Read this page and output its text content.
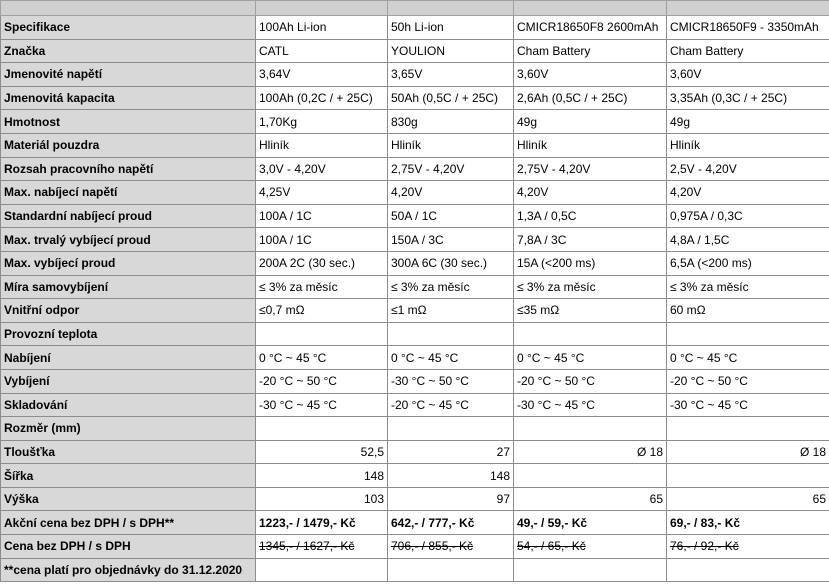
Specifikace	100Ah Li-ion	50h Li-ion	CMICR18650F8 2600mAh	CMICR18650F9 - 3350mAh
Značka	CATL	YOULION	Cham Battery	Cham Battery
Jmenovité napětí	3,64V	3,65V	3,60V	3,60V
Jmenovitá kapacita	100Ah (0,2C / + 25C)	50Ah (0,5C / + 25C)	2,6Ah (0,5C / + 25C)	3,35Ah (0,3C / + 25C)
Hmotnost	1,70Kg	830g	49g	49g
Materiál pouzdra	Hliník	Hliník	Hliník	Hliník
Rozsah pracovního napětí	3,0V - 4,20V	2,75V - 4,20V	2,75V - 4,20V	2,5V - 4,20V
Max. nabíjecí napětí	4,25V	4,20V	4,20V	4,20V
Standardní nabíjecí proud	100A / 1C	50A / 1C	1,3A / 0,5C	0,975A / 0,3C
Max. trvalý vybíjecí proud	100A / 1C	150A / 3C	7,8A / 3C	4,8A / 1,5C
Max. vybíjecí proud	200A 2C (30 sec.)	300A 6C (30 sec.)	15A (<200 ms)	6,5A (<200 ms)
Míra samovybíjení	≤ 3% za měsíc	≤ 3% za měsíc	≤ 3% za měsíc	≤ 3% za měsíc
Vnitřní odpor	≤0,7 mΩ	≤1 mΩ	≤35 mΩ	60 mΩ
Provozní teplota				
Nabíjení	0 °C ~ 45 °C	0 °C ~ 45 °C	0 °C ~ 45 °C	0 °C ~ 45 °C
Vybíjení	-20 °C ~ 50 °C	-30 °C ~ 50 °C	-20 °C ~ 50 °C	-20 °C ~ 50 °C
Skladování	-30 °C ~ 45 °C	-20 °C ~ 45 °C	-30 °C ~ 45 °C	-30 °C ~ 45 °C
Rozměr (mm)				
Tloušťka	52,5	27	Ø 18	Ø 18
Šířka	148	148		
Výška	103	97	65	65
Akční cena bez DPH / s DPH**	1223,- / 1479,- Kč	642,- / 777,- Kč	49,- / 59,- Kč	69,- / 83,- Kč
Cena bez DPH / s DPH	1345,- / 1627,- Kč	706,- / 855,- Kč	54,- / 65,- Kč	76,- / 92,- Kč
**cena platí pro objednávky do 31.12.2020				
